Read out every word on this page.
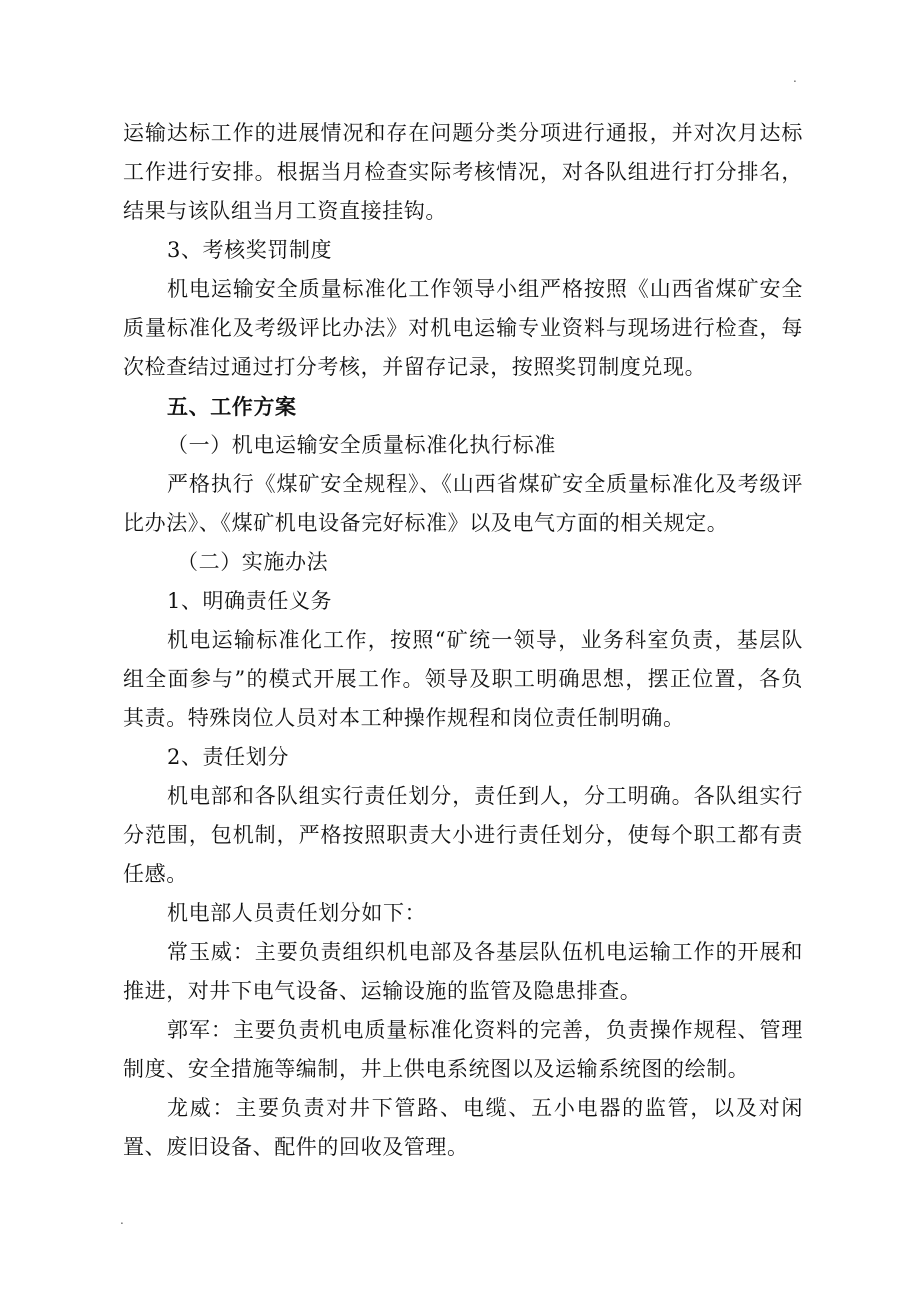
.

运输达标工作的进展情况和存在问题分类分项进行通报，并对次月达标工作进行安排。根据当月检查实际考核情况，对各队组进行打分排名，结果与该队组当月工资直接挂钩。

3、考核奖罚制度

机电运输安全质量标准化工作领导小组严格按照《山西省煤矿安全质量标准化及考级评比办法》对机电运输专业资料与现场进行检查，每次检查结过通过打分考核，并留存记录，按照奖罚制度兑现。

五、工作方案

（一）机电运输安全质量标准化执行标准

严格执行《煤矿安全规程》、《山西省煤矿安全质量标准化及考级评比办法》、《煤矿机电设备完好标准》以及电气方面的相关规定。

（二）实施办法

1、明确责任义务

机电运输标准化工作，按照“矿统一领导，业务科室负责，基层队组全面参与”的模式开展工作。领导及职工明确思想，摆正位置，各负其责。特殊岗位人员对本工种操作规程和岗位责任制明确。

2、责任划分

机电部和各队组实行责任划分，责任到人，分工明确。各队组实行分范围，包机制，严格按照职责大小进行责任划分，使每个职工都有责任感。

机电部人员责任划分如下：

常玉威：主要负责组织机电部及各基层队伍机电运输工作的开展和推进，对井下电气设备、运输设施的监管及隐患排查。

郭军：主要负责机电质量标准化资料的完善，负责操作规程、管理制度、安全措施等编制，井上供电系统图以及运输系统图的绘制。

龙威：主要负责对井下管路、电缆、五小电器的监管，以及对闲置、废旧设备、配件的回收及管理。

.
